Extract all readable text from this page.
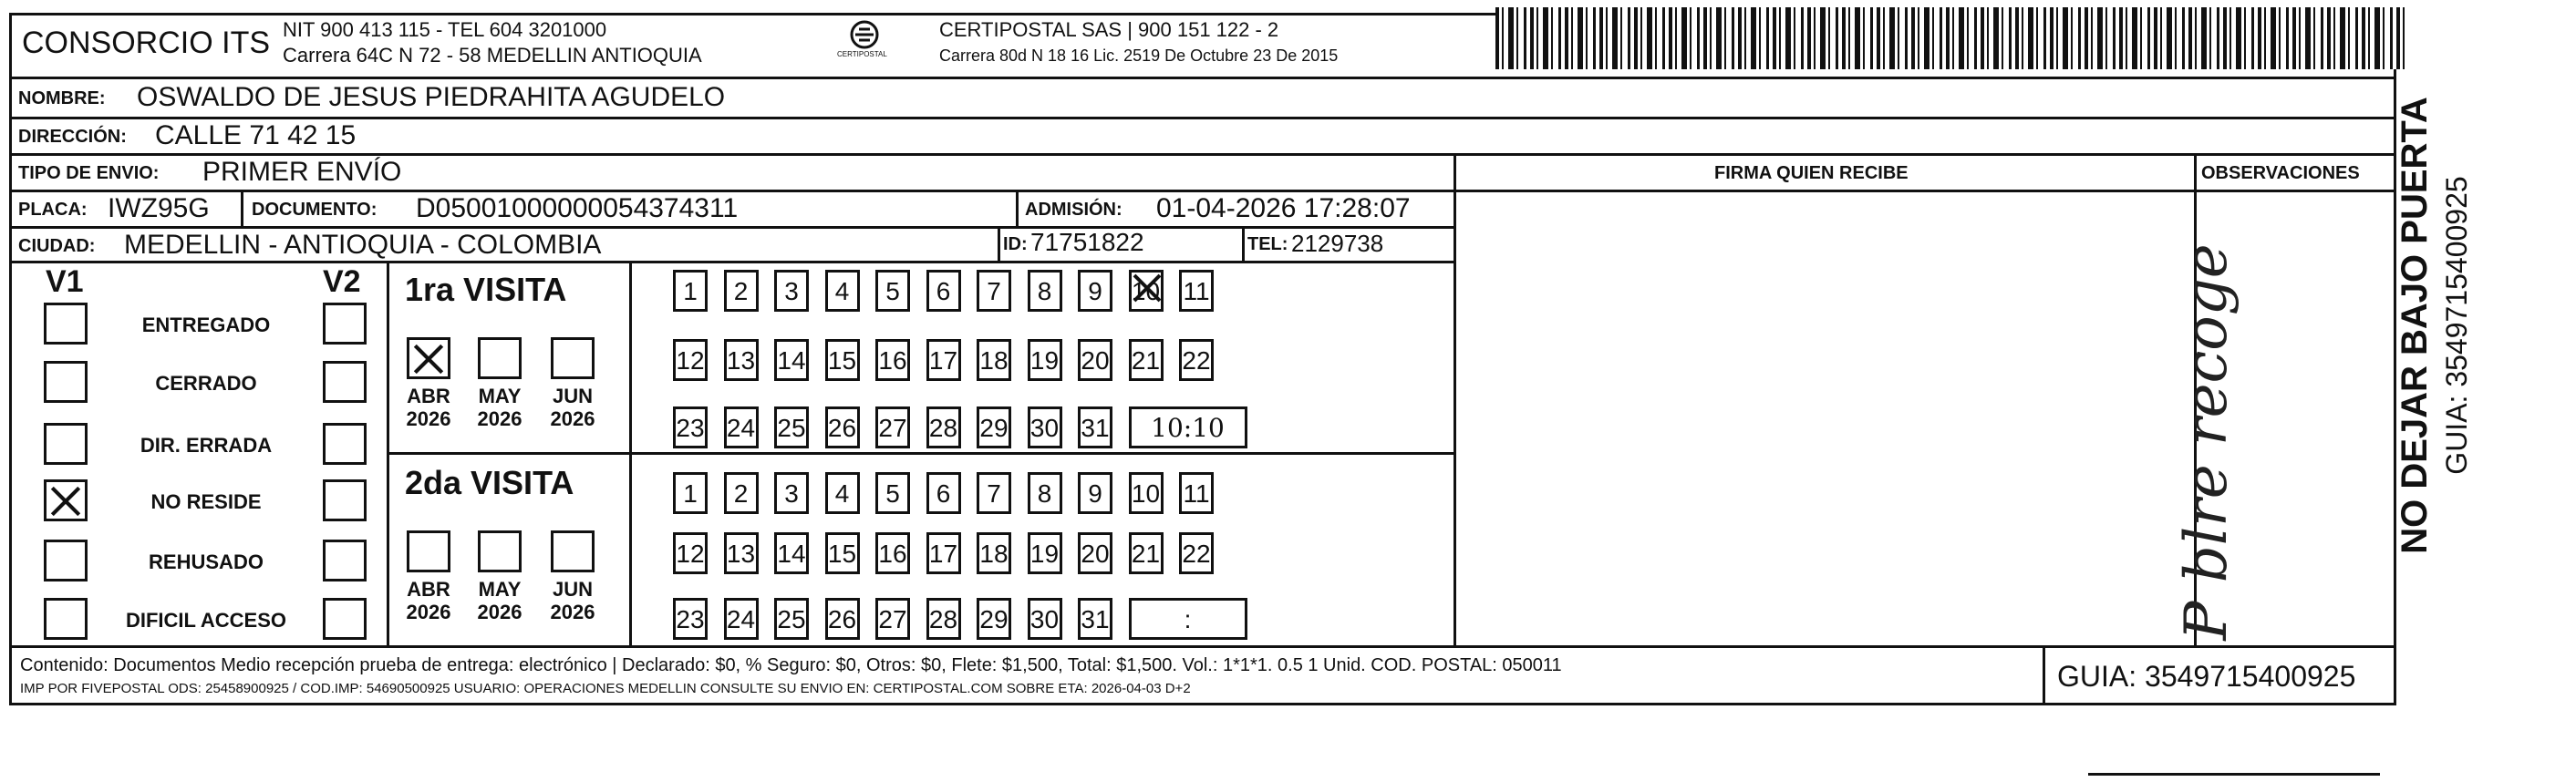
CONSORCIO ITS NIT 900 413 115 - TEL 604 3201000
Carrera 64C N 72 - 58 MEDELLIN ANTIOQUIA	CERTIPOSTAL
CERTIPOSTAL SAS | 900 151 122 - 2
Carrera 80d N 18 16 Lic. 2519 De Octubre 23 De 2015
NOMBRE: OSWALDO DE JESUS PIEDRAHITA AGUDELO
DIRECCIÓN: CALLE 71 42 15
TIPO DE ENVIO: PRIMER ENVÍO	FIRMA QUIEN RECIBE	OBSERVACIONES
PLACA: IWZ95G DOCUMENTO: D05001000000054374311	ADMISIÓN: 01-04-2026 17:28:07
CIUDAD: MEDELLIN - ANTIOQUIA - COLOMBIA	ID: 71751822	TEL: 2129738
V1	V2
ENTREGADO
CERRADO
DIR. ERRADA
NO RESIDE
REHUSADO
DIFICIL ACCESO
1ra VISITA
2da VISITA
ABR
2026
MAY
2026
JUN
2026
ABR
2026
MAY
2026
JUN
2026
1	2	3	4	5	6	7	8	9	10 11
12 13 14 15 16 17 18 19 20 21 22
23 24 25 26 27 28 29 30 31	10:10
1	2	3	4	5	6	7	8	9	10 11
12 13 14 15 16 17 18 19 20 21 22
23 24 25 26 27 28 29 30 31	:	P blre recoge
Contenido: Documentos Medio recepción prueba de entrega: electrónico | Declarado: $0, % Seguro: $0, Otros: $0, Flete: $1,500, Total: $1,500. Vol.: 1*1*1. 0.5 1 Unid. COD. POSTAL: 050011
IMP POR FIVEPOSTAL ODS: 25458900925 / COD.IMP: 54690500925 USUARIO: OPERACIONES MEDELLIN CONSULTE SU ENVIO EN: CERTIPOSTAL.COM SOBRE ETA: 2026-04-03 D+2	GUIA: 3549715400925
NO DEJAR BAJO PUERTA GUIA: 3549715400925
